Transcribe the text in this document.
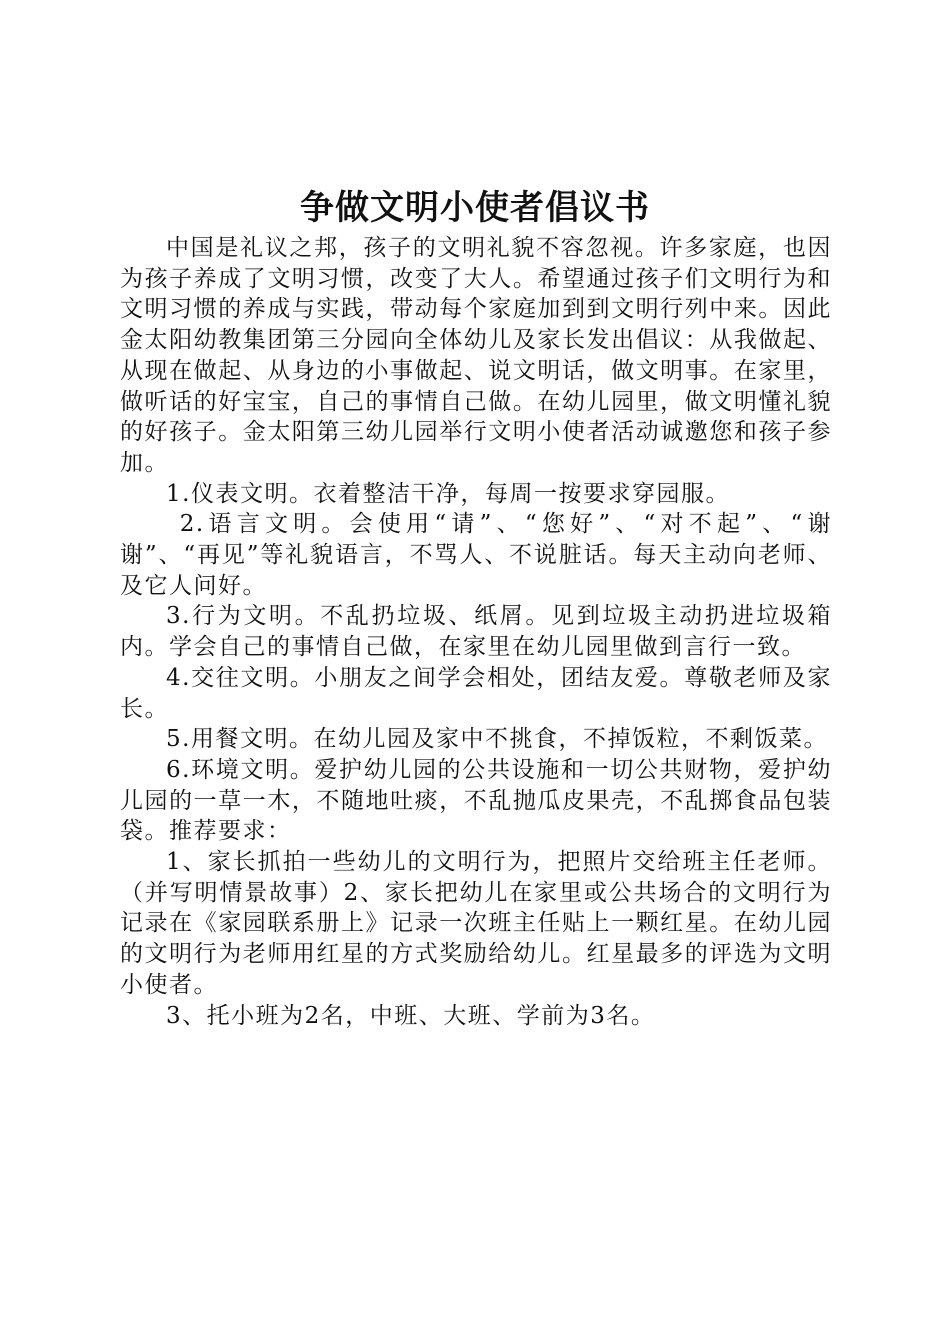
争做文明小使者倡议书

中国是礼议之邦，孩子的文明礼貌不容忽视。许多家庭，也因为孩子养成了文明习惯，改变了大人。希望通过孩子们文明行为和文明习惯的养成与实践，带动每个家庭加到到文明行列中来。因此金太阳幼教集团第三分园向全体幼儿及家长发出倡议：从我做起、从现在做起、从身边的小事做起、说文明话，做文明事。在家里，做听话的好宝宝，自己的事情自己做。在幼儿园里，做文明懂礼貌的好孩子。金太阳第三幼儿园举行文明小使者活动诚邀您和孩子参加。

1.仪表文明。衣着整洁干净，每周一按要求穿园服。

2.语言文明。会使用“请”、“您好”、“对不起”、“谢谢”、“再见”等礼貌语言，不骂人、不说脏话。每天主动向老师、及它人问好。

3.行为文明。不乱扔垃圾、纸屑。见到垃圾主动扔进垃圾箱内。学会自己的事情自己做，在家里在幼儿园里做到言行一致。

4.交往文明。小朋友之间学会相处，团结友爱。尊敬老师及家长。

5.用餐文明。在幼儿园及家中不挑食，不掉饭粒，不剩饭菜。

6.环境文明。爱护幼儿园的公共设施和一切公共财物，爱护幼儿园的一草一木，不随地吐痰，不乱抛瓜皮果壳，不乱掷食品包装袋。推荐要求：

1、家长抓拍一些幼儿的文明行为，把照片交给班主任老师。（并写明情景故事）2、家长把幼儿在家里或公共场合的文明行为记录在《家园联系册上》记录一次班主任贴上一颗红星。在幼儿园的文明行为老师用红星的方式奖励给幼儿。红星最多的评选为文明小使者。

3、托小班为2名，中班、大班、学前为3名。
